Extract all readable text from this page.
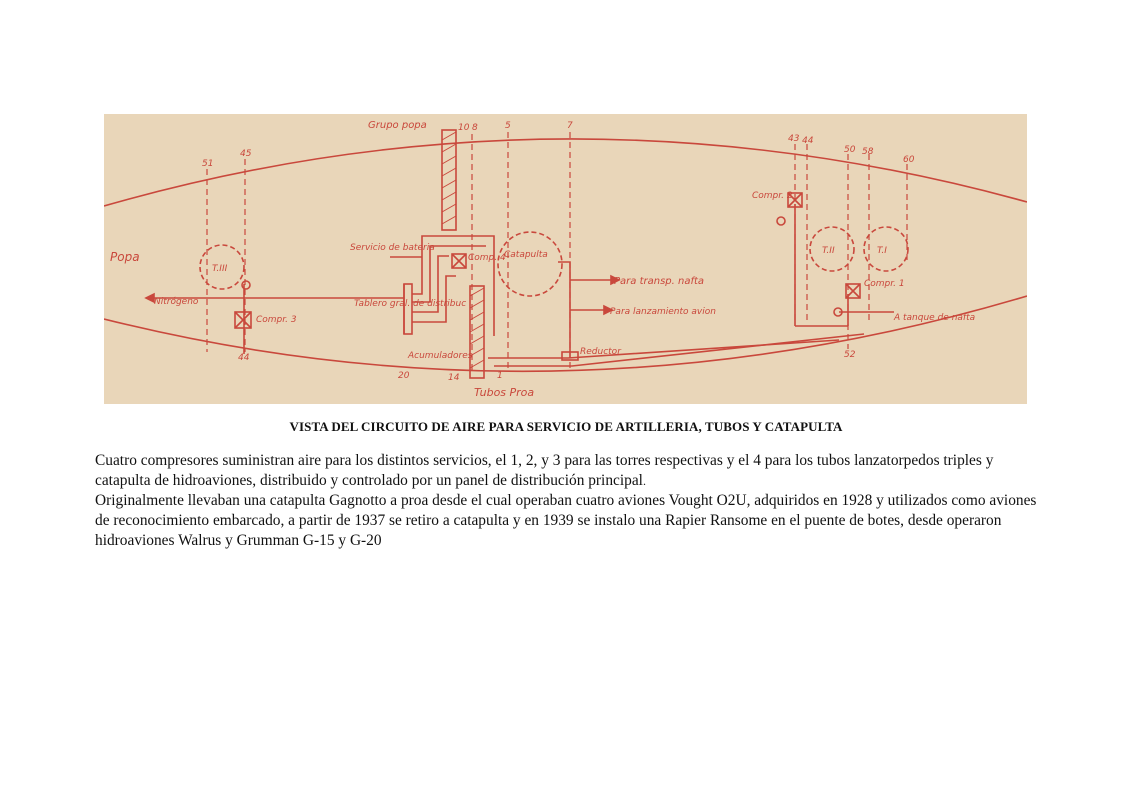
Grupo popa
Popa
Nitrógeno
T.III
T.II	T.I
Compr. 3
Comp. 4
Compr. 2
Compr. 1
Servicio de bateria
Tablero gral. de distribuc
Catapulta
Para transp. nafta
Para lanzamiento avion
A tanque de nafta
Acumuladores	Reductor
Tubos Proa
51
45
10 8	5	7
43 44
50 58
60
44
20	14	1
52
VISTA DEL CIRCUITO DE AIRE PARA SERVICIO DE ARTILLERIA, TUBOS Y CATAPULTA

Cuatro compresores suministran aire para los distintos servicios, el 1, 2, y 3 para las torres respectivas y el 4 para los tubos lanzatorpedos triples y catapulta de hidroaviones, distribuido y controlado por un panel de distribución principal.

Originalmente llevaban una catapulta Gagnotto a proa desde el cual operaban cuatro aviones Vought O2U, adquiridos en 1928 y utilizados como aviones de reconocimiento embarcado, a partir de 1937 se retiro a catapulta y en 1939 se instalo una Rapier Ransome en el puente de botes, desde operaron hidroaviones Walrus y Grumman G-15 y G-20
